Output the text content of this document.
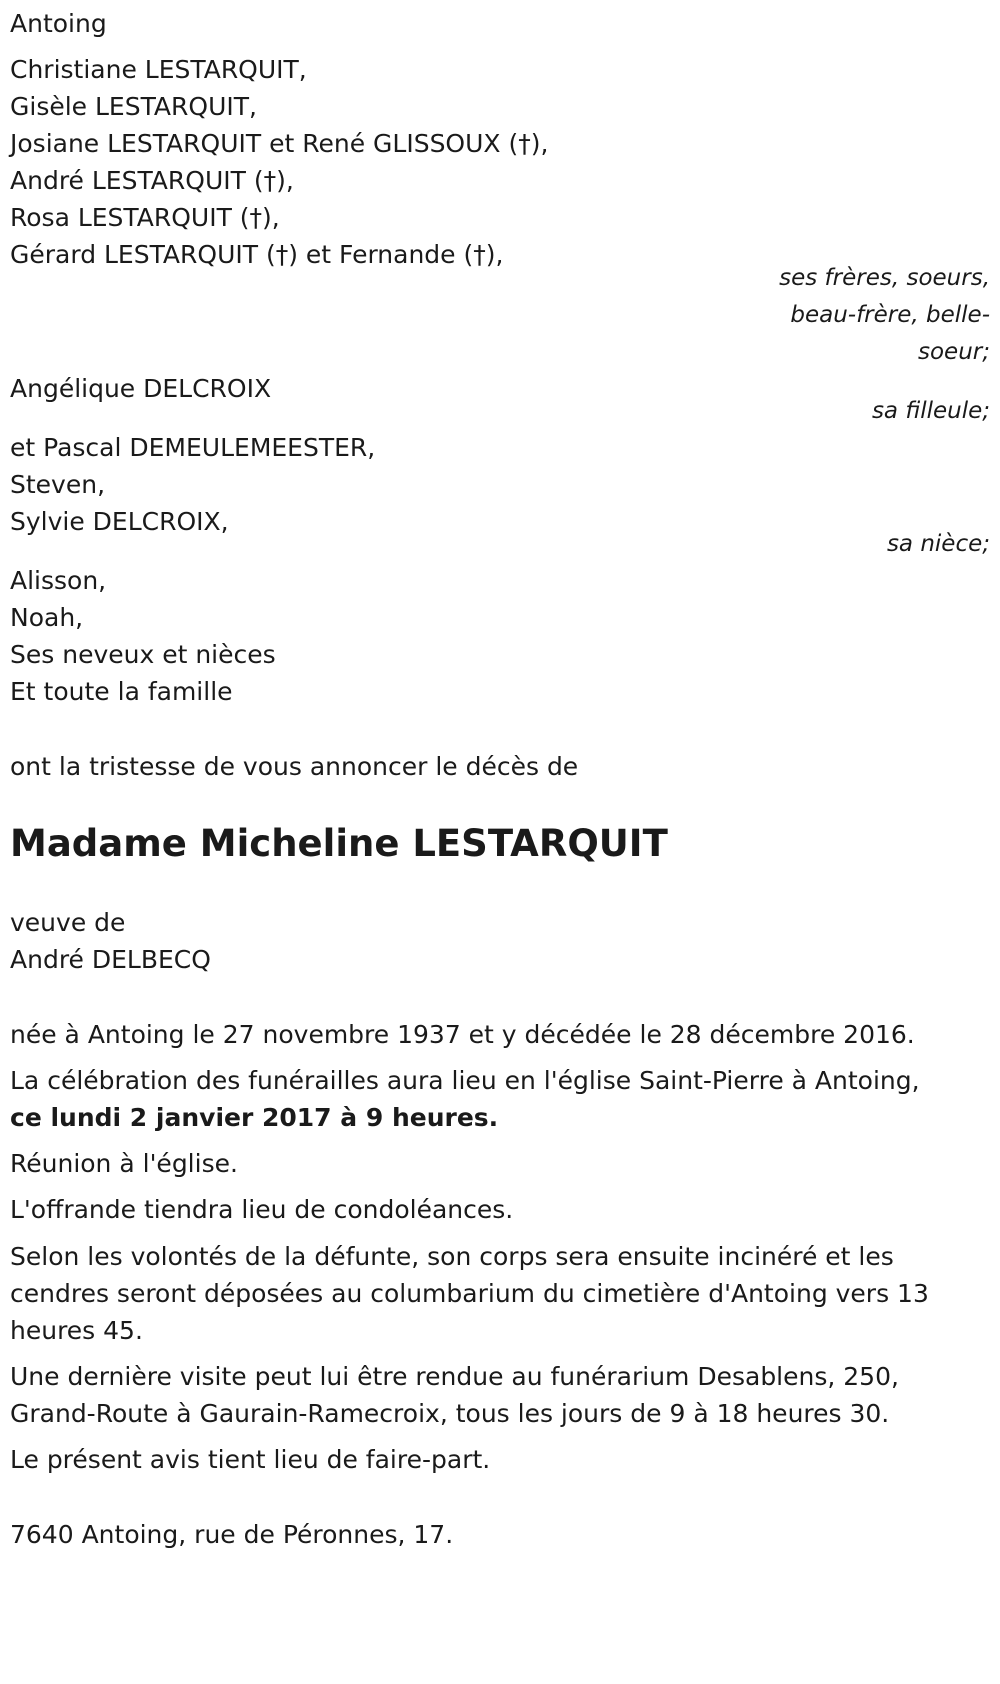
Antoing
Christiane LESTARQUIT,
Gisèle LESTARQUIT,
Josiane LESTARQUIT et René GLISSOUX (†),
André LESTARQUIT (†),
Rosa LESTARQUIT (†),
Gérard LESTARQUIT (†) et Fernande (†),
ses frères, soeurs,
beau-frère, belle-
soeur;
Angélique DELCROIX
sa filleule;
et Pascal DEMEULEMEESTER,
Steven,
Sylvie DELCROIX,
sa nièce;
Alisson,
Noah,
Ses neveux et nièces
Et toute la famille
ont la tristesse de vous annoncer le décès de
Madame Micheline LESTARQUIT
veuve de
André DELBECQ
née à Antoing le 27 novembre 1937 et y décédée le 28 décembre 2016.
La célébration des funérailles aura lieu en l'église Saint-Pierre à Antoing,
ce lundi 2 janvier 2017 à 9 heures.
Réunion à l'église.
L'offrande tiendra lieu de condoléances.
Selon les volontés de la défunte, son corps sera ensuite incinéré et les
cendres seront déposées au columbarium du cimetière d'Antoing vers 13
heures 45.
Une dernière visite peut lui être rendue au funérarium Desablens, 250,
Grand-Route à Gaurain-Ramecroix, tous les jours de 9 à 18 heures 30.
Le présent avis tient lieu de faire-part.
7640 Antoing, rue de Péronnes, 17.
